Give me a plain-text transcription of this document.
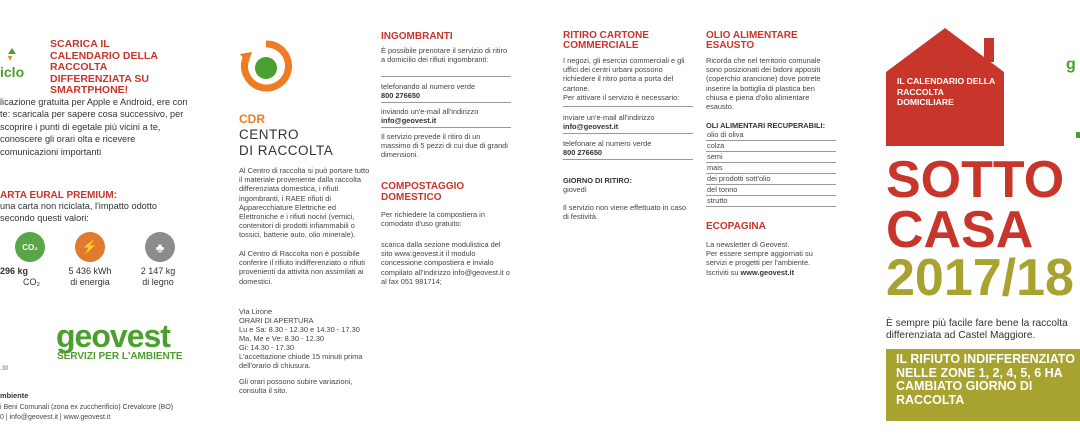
iclo
SCARICA IL CALENDARIO DELLA RACCOLTA DIFFERENZIATA SU SMARTPHONE!
licazione gratuita per Apple e Android, ere con te: scaricala per sapere cosa successivo, per scoprire i punti di egetale più vicini a te, conoscere gli orari olta e ricevere comunicazioni importanti
ARTA EURAL PREMIUM:
una carta non riciclata, l'impatto odotto secondo questi valori:
CO₂	⚡	♣
296 kg
CO₂
5 436 kWh
di energia
2 147 kg
di legno
geovest
SERVIZI PER L'AMBIENTE
.30
mbiente
i Beni Comunali (zona ex zuccherificio) Crevalcore (BO)
0 | info@geovest.it | www.geovest.it
CDR
CENTRO
DI RACCOLTA
Al Centro di raccolta si può portare tutto il materiale proveniente dalla raccolta differenziata domestica, i rifiuti ingombranti, i RAEE rifiuti di Apparecchiature Elettriche ed Elettroniche e i rifiuti nocivi (vernici, contenitori di prodotti infiammabili o tossici, batterie auto, olio minerale).
Al Centro di Raccolta non è possibile conferire il rifiuto indifferenziato o rifiuti provenienti da attività non assimilati ai domestici.
Via Lirone
ORARI DI APERTURA
Lu e Sa: 8.30 - 12.30 e 14.30 - 17.30
Ma, Me e Ve: 8.30 - 12.30
Gi: 14.30 - 17.30
L'accettazione chiude 15 minuti prima dell'orario di chiusura.
Gli orari possono subire variazioni, consulta il sito.
INGOMBRANTI
È possibile prenotare il servizio di ritiro a domicilio dei rifiuti ingombranti:
telefonando al numero verde
800 276650
inviando un'e-mail all'indirizzo
info@geovest.it
Il servizio prevede il ritiro di un massimo di 5 pezzi di cui due di grandi dimensioni.
COMPOSTAGGIO
DOMESTICO
Per richiedere la compostiera in comodato d'uso gratuito:
scarica dalla sezione modulistica del sito www.geovest.it il modulo concessione compostiera e invialo compilato all'indirizzo info@geovest.it o al fax 051 981714;
RITIRO CARTONE
COMMERCIALE
I negozi, gli esercizi commerciali e gli uffici dei centri urbani possono richiedere il ritiro porta a porta del cartone.
Per attivare il servizio è necessario:
inviare un'e-mail all'indirizzo
info@geovest.it
telefonare al numero verde
800 276650
GIORNO DI RITIRO:
giovedì
Il servizio non viene effettuato in caso di festività.
OLIO ALIMENTARE
ESAUSTO
Ricorda che nel territorio comunale sono posizionati dei bidoni appositi (coperchio arancione) dove potrete inserire la bottiglia di plastica ben chiusa e piena d'olio alimentare esausto.
OLI ALIMENTARI RECUPERABILI:
olio di oliva
colza
semi
mais
dei prodotti sott'olio
del tonno
strutto
ECOPAGINA
La newsletter di Geovest.
Per essere sempre aggiornati su servizi e progetti per l'ambiente.
Iscriviti su www.geovest.it
IL CALENDARIO DELLA RACCOLTA DOMICILIARE
g
SOTTO
CASA
2017/18
È sempre più facile fare bene la raccolta differenziata ad Castel Maggiore.
IL RIFIUTO INDIFFERENZIATO NELLE ZONE 1, 2, 4, 5, 6 HA CAMBIATO GIORNO DI RACCOLTA
